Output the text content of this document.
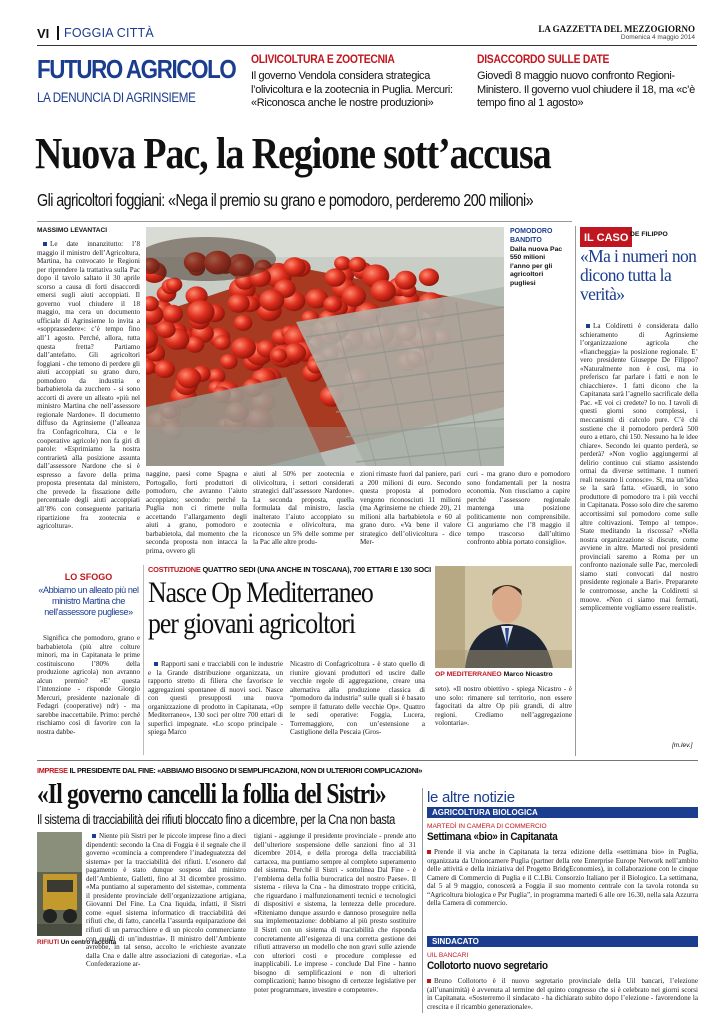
VI FOGGIA CITTÀ	LA GAZZETTA DEL MEZZOGIORNO
Domenica 4 maggio 2014
FUTURO AGRICOLO
LA DENUNCIA DI AGRINSIEME
OLIVICOLTURA E ZOOTECNIA
Il governo Vendola considera strategica l’olivicoltura e la zootecnia in Puglia. Mercuri: «Riconosca anche le nostre produzioni»
DISACCORDO SULLE DATE
Giovedì 8 maggio nuovo confronto Regioni-Ministero. Il governo vuol chiudere il 18, ma «c’è tempo fino al 1 agosto»
Nuova Pac, la Regione sott’accusa
Gli agricoltori foggiani: «Nega il premio su grano e pomodoro, perderemo 200 milioni»
MASSIMO LEVANTACI

Le date innanzitutto: l’8 maggio il ministro dell’Agricoltura, Martina, ha convocato le Regioni per riprendere la trattativa sulla Pac dopo il tavolo saltato il 30 aprile scorso a causa di forti disaccordi emersi sugli aiuti accoppiati. Il governo vuol chiudere il 18 maggio, ma cera un documento ufficiale di Agrinsieme lo invita a «sopprassedere»: c’è tempo fino all’1 agosto. Perché, allora, tutta questa fretta? Partiamo dall’antefatto. Gli agricoltori foggiani - che temono di perdere gli aiuti accoppiati su grano duro, pomodoro da industria e barbabietola da zucchero - si sono accorti di avere un alleato «più nel ministro Martina che nell’assessore regionale Nardone». Il documento diffuso da Agrinsieme (l’alleanza fra Confagricoltura, Cia e le cooperative agricole) non fa giri di parole: «Esprimiamo la nostra contrarietà alla posizione assunta dall’assessore Nardone che si è espresso a favore della prima proposta presentata dal ministero, che prevede la fissazione delle percentuale degli aiuti accoppiati all’8% con conseguente paritaria ripartizione fra zootecnia e agricoltura».

POMODORO BANDITO
Dalla nuova Pac 550 milioni l’anno per gli agricoltori pugliesi

naggine, paesi come Spagna e Portogallo, forti produttori di pomodoro, che avranno l’aiuto accoppiato; secondo: perché la Puglia non ci rimette nulla accettando l’allargamento degli aiuti a grano, pomodoro e barbabietola, dal momento che la seconda proposta non intacca la prima, ovvero gli

aiuti al 50% per zootecnia e olivicoltura, i settori considerati strategici dall’assessore Nardone». La seconda proposta, quella formulata dal ministro, lascia inalterato l’aiuto accoppiato su zootecnia e olivicoltura, ma riconosce un 5% delle somme per la Pac alle altre produ-

zioni rimaste fuori dal paniere, pari a 200 milioni di euro. Secondo questa proposta al pomodoro vengono riconosciuti 11 milioni (ma Agrinsieme ne chiede 20), 21 milioni alla barbabietola e 60 al grano duro. «Va bene il valore strategico dell’olivicoltura - dice Mer-

curi - ma grano duro e pomodoro sono fondamentali per la nostra economia. Non riusciamo a capire perché l’assessore regionale mantenga una posizione politicamente non comprensibile. Ci auguriamo che l’8 maggio il tempo trascorso dall’ultimo confronto abbia portato consiglio».

IL CASO DE FILIPPO
«Ma i numeri non dicono tutta la verità»

La Coldiretti è considerata dallo schieramento di Agrinsieme l’organizzazione agricola che «fiancheggia» la posizione regionale. E’ vero presidente Giuseppe De Filippo? «Naturalmente non è così, ma io preferisco far parlare i fatti e non le chiacchiere». I fatti dicono che la Capitanata sarà l’agnello sacrificale della Pac. «E voi ci credete? Io no. I tavoli di questi giorni sono complessi, i meccanismi di calcolo pure. C’è chi sostiene che il pomodoro perderà 500 euro a ettaro, chi 150. Nessuno ha le idee chiare». Secondo lei quanto perderà, se perderà? «Non voglio aggiungermi al delirio continuo cui stiamo assistendo ormai da diverse settimane. I numeri reali nessuno li conosce». Sì, ma un’idea se la sarà fatta. «Guardi, io sono produttore di pomodoro tra i più vecchi in Capitanata. Posso solo dire che saremo accortissimi sul pomodoro come sulle altre coltivazioni. Tempo al tempo». State meditando la riscossa? «Nella nostra organizzazione si discute, come avviene in altre. Martedì noi presidenti provinciali saremo a Roma per un confronto nazionale sulle Pac, mercoledì siamo stati convocati dal nostro presidente regionale a Bari». Prepararete le contromosse, anche la Coldiretti si muove. «Non ci siamo mai fermati, semplicemente vogliamo essere realisti».

[m.lev.]
LO SFOGO
«Abbiamo un alleato più nel ministro Martina che nell’assessore pugliese»

Significa che pomodoro, grano e barbabietola (più altre colture minori, ma in Capitanata le prime costituiscono l’80% della produzione agricola) non avranno alcun premio? «E’ questa l’intenzione - risponde Giorgio Mercuri, presidente nazionale di Fedagri (cooperative) ndr) - ma sarebbe inaccettabile. Primo: perché rischiamo così di favorire con la nostra dabbe-

COSTITUZIONE QUATTRO SEDI (UNA ANCHE IN TOSCANA), 700 ETTARI E 130 SOCI
Nasce Op Mediterraneo per giovani agricoltori

Rapporti sani e tracciabili con le industrie e la Grande distribuzione organizzata, un rapporto stretto di filiera che favorisce le aggregazioni spontanee di nuovi soci. Nasce con questi presupposti una nuova organizzazione di prodotto in Capitanata, «Op Mediterraneo», 130 soci per oltre 700 ettari di superfici impegnate. «Lo scopo principale - spiega Marco

Nicastro di Confagricoltura - è stato quello di riunire giovani produttori ed uscire dalle vecchie regole di aggregazione, creare una alternativa alla produzione classica di “pomodoro da industria” sulle quali si è basato sempre il fatturato delle vecchie Op». Quattro le sedi operative: Foggia, Lucera, Torremaggiore, con un’estensione a Castiglione della Pescaia (Gros-

OP MEDITERRANEO Marco Nicastro

seto). «Il nostro obiettivo - spiega Nicastro - è uno solo: rimanere sul territorio, non essere fagocitati da altre Op più grandi, di altre regioni. Crediamo nell’aggregazione volontaria».

IMPRESE IL PRESIDENTE DAL FINE: «ABBIAMO BISOGNO DI SEMPLIFICAZIONI, NON DI ULTERIORI COMPLICAZIONI»
«Il governo cancelli la follia del Sistri»
Il sistema di tracciabilità dei rifiuti bloccato fino a dicembre, per la Cna non basta
RIFIUTI Un centro raccolta

Niente più Sistri per le piccole imprese fino a dieci dipendenti: secondo la Cna di Foggia è il segnale che il governo «comincia a comprendere l’inadeguatezza del sistema» per la tracciabilità dei rifiuti. L’esonero dal pagamento è stato dunque sospeso dal ministro dell’Ambiente, Galletti, fino al 31 dicembre prossimo. «Ma puntiamo al superamento del sistema», commenta il presidente provinciale dell’organizzazione artigiana, Giovanni Del Fine. La Cna liquida, infatti, il Sistri come «quel sistema informatico di tracciabilità dei rifiuti che, di fatto, cancella l’assurda equiparazione dei rifiuti di un parrucchiere e di un piccolo commerciante con quelli di un’industria». Il ministro dell’Ambiente avrebbe, in tal senso, accolto le «richieste avanzate dalla Cna e dalle altre associazioni di categoria». «La Confederazione ar-

tigiani - aggiunge il presidente provinciale - prende atto dell’ulteriore sospensione delle sanzioni fino al 31 dicembre 2014, e della proroga della tracciabilità cartacea, ma puntiamo sempre al completo superamento del sistema. Perché il Sistri - sottolinea Dal Fine - è l’emblema della follia burocratica del nostro Paese». Il sistema - rileva la Cna - ha dimostrato troppe criticità, che riguardano i malfunzionamenti tecnici e tecnologici di dispositivi e sistema, la lentezza delle procedure. «Riteniamo dunque assurdo e dannoso proseguire nella sua implementazione: dobbiamo al più presto sostituire il Sistri con un sistema di tracciabilità che risponda concretamente all’esigenza di una corretta gestione dei rifiuti attraverso un modello che non gravi sulle aziende con ulteriori costi e procedure complesse ed inapplicabili. Le imprese - conclude Dal Fine - hanno bisogno di semplificazioni e non di ulteriori complicazioni; hanno bisogno di certezze legislative per poter programmare, investire e competere».

le altre notizie
AGRICOLTURA BIOLOGICA
MARTEDÌ IN CAMERA DI COMMERCIO
Settimana «bio» in Capitanata

Prende il via anche in Capitanata la terza edizione della «settimana bio» in Puglia, organizzata da Unioncamere Puglia (partner della rete Enterprise Europe Network nell’ambito delle attività e della iniziativa del Progetto BridgEconomies), in collaborazione con le cinque Camere di Commercio di Puglia e il C.I.Bi. Consorzio Italiano per il Biologico. La settimana, dal 5 al 9 maggio, conoscerà a Foggia il suo momento centrale con la tavola rotonda su “Agricoltura biologica e Psr Puglia”, in programma martedì 6 alle ore 16.30, nella sala Azzurra della Camera di commercio.

SINDACATO
UIL BANCARI
Collotorto nuovo segretario

Bruno Collotorto è il nuovo segretario provinciale della Uil bancari, l’elezione (all’unanimità) è avvenuta al termine del quinto congresso che si è celebrato nei giorni scorsi in Capitanata. «Sosterremo il sindacato - ha dichiarato subito dopo l’elezione - favorendone la crescita e il ricambio generazionale».
